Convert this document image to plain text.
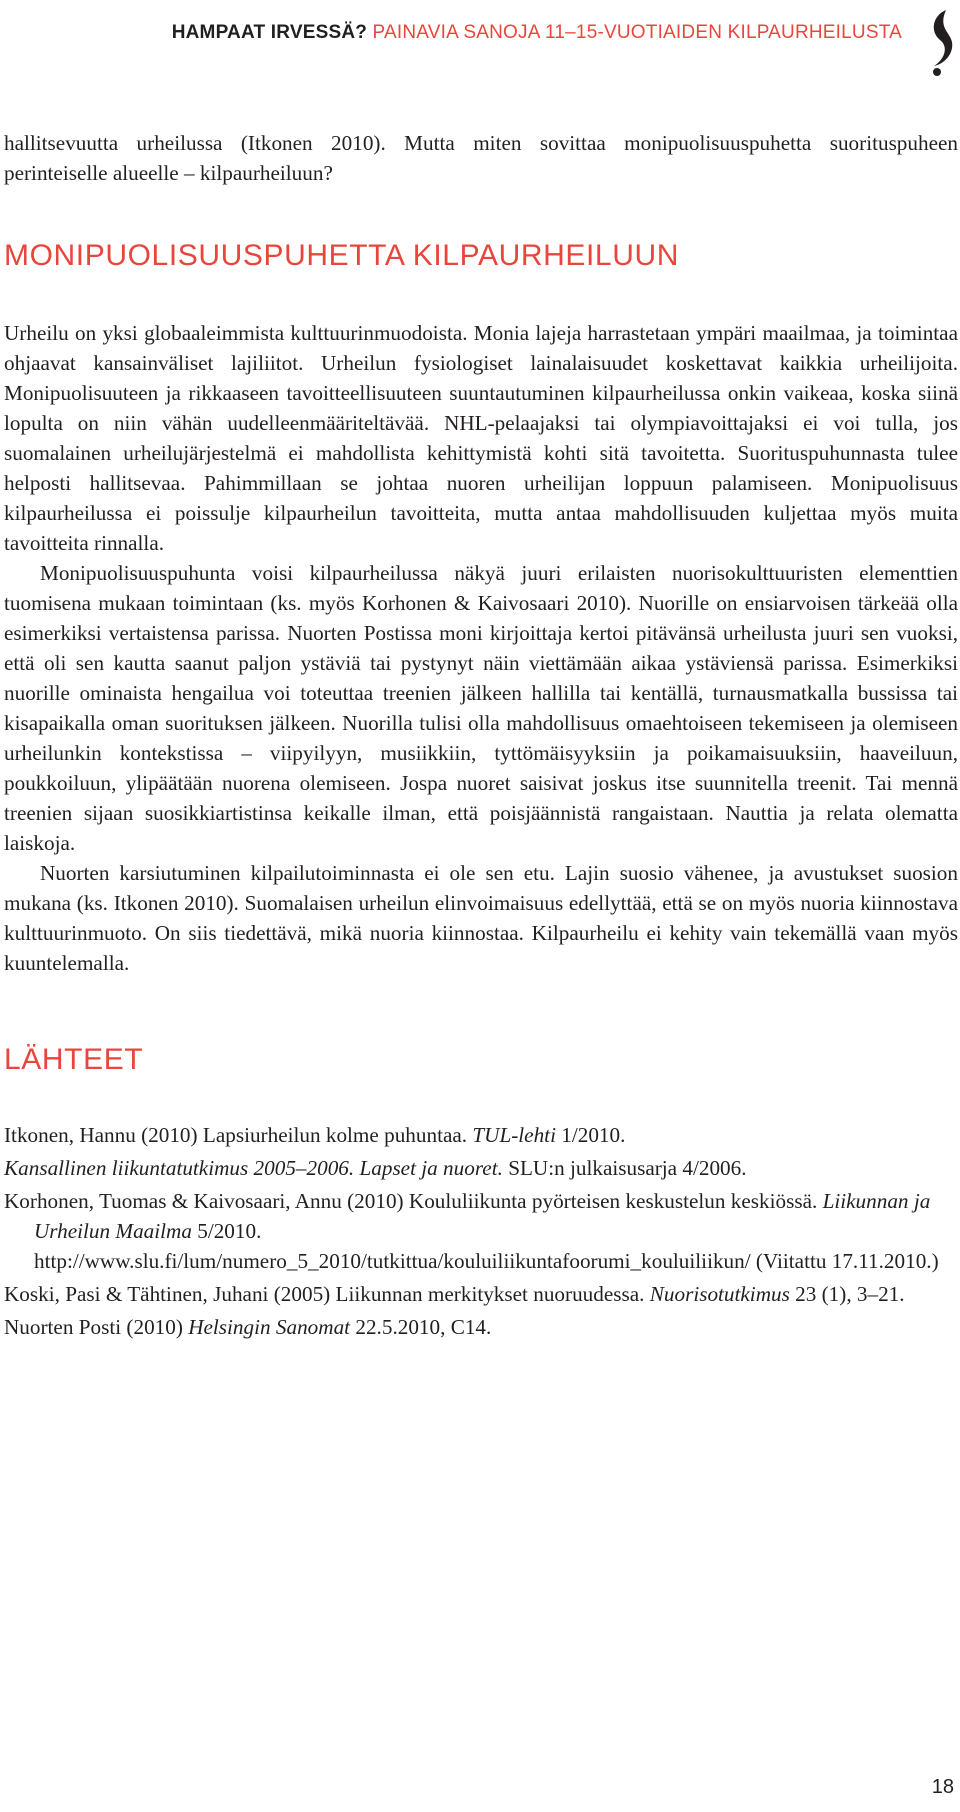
HAMPAAT IRVESSÄ? PAINAVIA SANOJA 11–15-VUOTIAIDEN KILPAURHEILUSTA

hallitsevuutta urheilussa (Itkonen 2010). Mutta miten sovittaa monipuolisuuspuhetta suorituspuheen perinteiselle alueelle – kilpaurheiluun?

MONIPUOLISUUSPUHETTA KILPAURHEILUUN

Urheilu on yksi globaaleimmista kulttuurinmuodoista. Monia lajeja harrastetaan ympäri maailmaa, ja toimintaa ohjaavat kansainväliset lajiliitot. Urheilun fysiologiset lainalaisuudet koskettavat kaikkia urheilijoita. Monipuolisuuteen ja rikkaaseen tavoitteellisuuteen suuntautuminen kilpaurheilussa onkin vaikeaa, koska siinä lopulta on niin vähän uudelleenmääriteltävää. NHL-pelaajaksi tai olympiavoittajaksi ei voi tulla, jos suomalainen urheilujärjestelmä ei mahdollista kehittymistä kohti sitä tavoitetta. Suorituspuhunnasta tulee helposti hallitsevaa. Pahimmillaan se johtaa nuoren urheilijan loppuun palamiseen. Monipuolisuus kilpaurheilussa ei poissulje kilpaurheilun tavoitteita, mutta antaa mahdollisuuden kuljettaa myös muita tavoitteita rinnalla.

Monipuolisuuspuhunta voisi kilpaurheilussa näkyä juuri erilaisten nuorisokulttuuristen elementtien tuomisena mukaan toimintaan (ks. myös Korhonen & Kaivosaari 2010). Nuorille on ensiarvoisen tärkeää olla esimerkiksi vertaistensa parissa. Nuorten Postissa moni kirjoittaja kertoi pitävänsä urheilusta juuri sen vuoksi, että oli sen kautta saanut paljon ystäviä tai pystynyt näin viettämään aikaa ystäviensä parissa. Esimerkiksi nuorille ominaista hengailua voi toteuttaa treenien jälkeen hallilla tai kentällä, turnausmatkalla bussissa tai kisapaikalla oman suorituksen jälkeen. Nuorilla tulisi olla mahdollisuus omaehtoiseen tekemiseen ja olemiseen urheilunkin kontekstissa – viipyilyyn, musiikkiin, tyttömäisyyksiin ja poikamaisuuksiin, haaveiluun, poukkoiluun, ylipäätään nuorena olemiseen. Jospa nuoret saisivat joskus itse suunnitella treenit. Tai mennä treenien sijaan suosikkiartistinsa keikalle ilman, että poisjäännistä rangaistaan. Nauttia ja relata olematta laiskoja.

Nuorten karsiutuminen kilpailutoiminnasta ei ole sen etu. Lajin suosio vähenee, ja avustukset suosion mukana (ks. Itkonen 2010). Suomalaisen urheilun elinvoimaisuus edellyttää, että se on myös nuoria kiinnostava kulttuurinmuoto. On siis tiedettävä, mikä nuoria kiinnostaa. Kilpaurheilu ei kehity vain tekemällä vaan myös kuuntelemalla.

LÄHTEET

Itkonen, Hannu (2010) Lapsiurheilun kolme puhuntaa. TUL-lehti 1/2010.

Kansallinen liikuntatutkimus 2005–2006. Lapset ja nuoret. SLU:n julkaisusarja 4/2006.

Korhonen, Tuomas & Kaivosaari, Annu (2010) Koululiikunta pyörteisen keskustelun keskiössä. Liikunnan ja Urheilun Maailma 5/2010. http://www.slu.fi/lum/numero_5_2010/tutkittua/kouluiliikuntafoorumi_kouluiliikun/ (Viitattu 17.11.2010.)

Koski, Pasi & Tähtinen, Juhani (2005) Liikunnan merkitykset nuoruudessa. Nuorisotutkimus 23 (1), 3–21.

Nuorten Posti (2010) Helsingin Sanomat 22.5.2010, C14.

18
